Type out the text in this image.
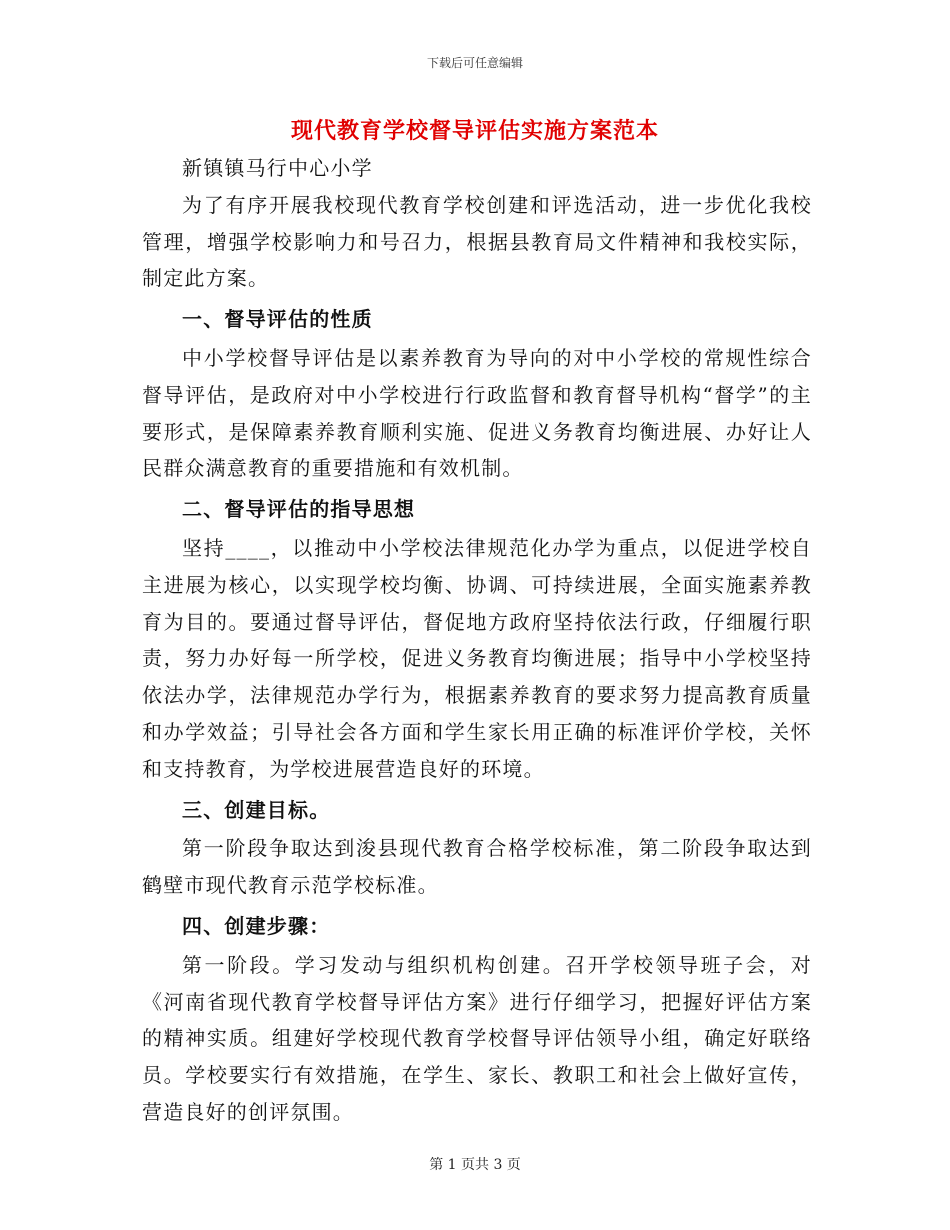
下载后可任意编辑
现代教育学校督导评估实施方案范本

新镇镇马行中心小学

为了有序开展我校现代教育学校创建和评选活动，进一步优化我校管理，增强学校影响力和号召力，根据县教育局文件精神和我校实际，制定此方案。

一、督导评估的性质

中小学校督导评估是以素养教育为导向的对中小学校的常规性综合督导评估，是政府对中小学校进行行政监督和教育督导机构“督学”的主要形式，是保障素养教育顺利实施、促进义务教育均衡进展、办好让人民群众满意教育的重要措施和有效机制。

二、督导评估的指导思想

坚持____，以推动中小学校法律规范化办学为重点，以促进学校自主进展为核心，以实现学校均衡、协调、可持续进展，全面实施素养教育为目的。要通过督导评估，督促地方政府坚持依法行政，仔细履行职责，努力办好每一所学校，促进义务教育均衡进展；指导中小学校坚持依法办学，法律规范办学行为，根据素养教育的要求努力提高教育质量和办学效益；引导社会各方面和学生家长用正确的标准评价学校，关怀和支持教育，为学校进展营造良好的环境。

三、创建目标。

第一阶段争取达到浚县现代教育合格学校标准，第二阶段争取达到鹤壁市现代教育示范学校标准。

四、创建步骤：

第一阶段。学习发动与组织机构创建。召开学校领导班子会，对《河南省现代教育学校督导评估方案》进行仔细学习，把握好评估方案的精神实质。组建好学校现代教育学校督导评估领导小组，确定好联络员。学校要实行有效措施，在学生、家长、教职工和社会上做好宣传，营造良好的创评氛围。

第 1 页共 3 页
